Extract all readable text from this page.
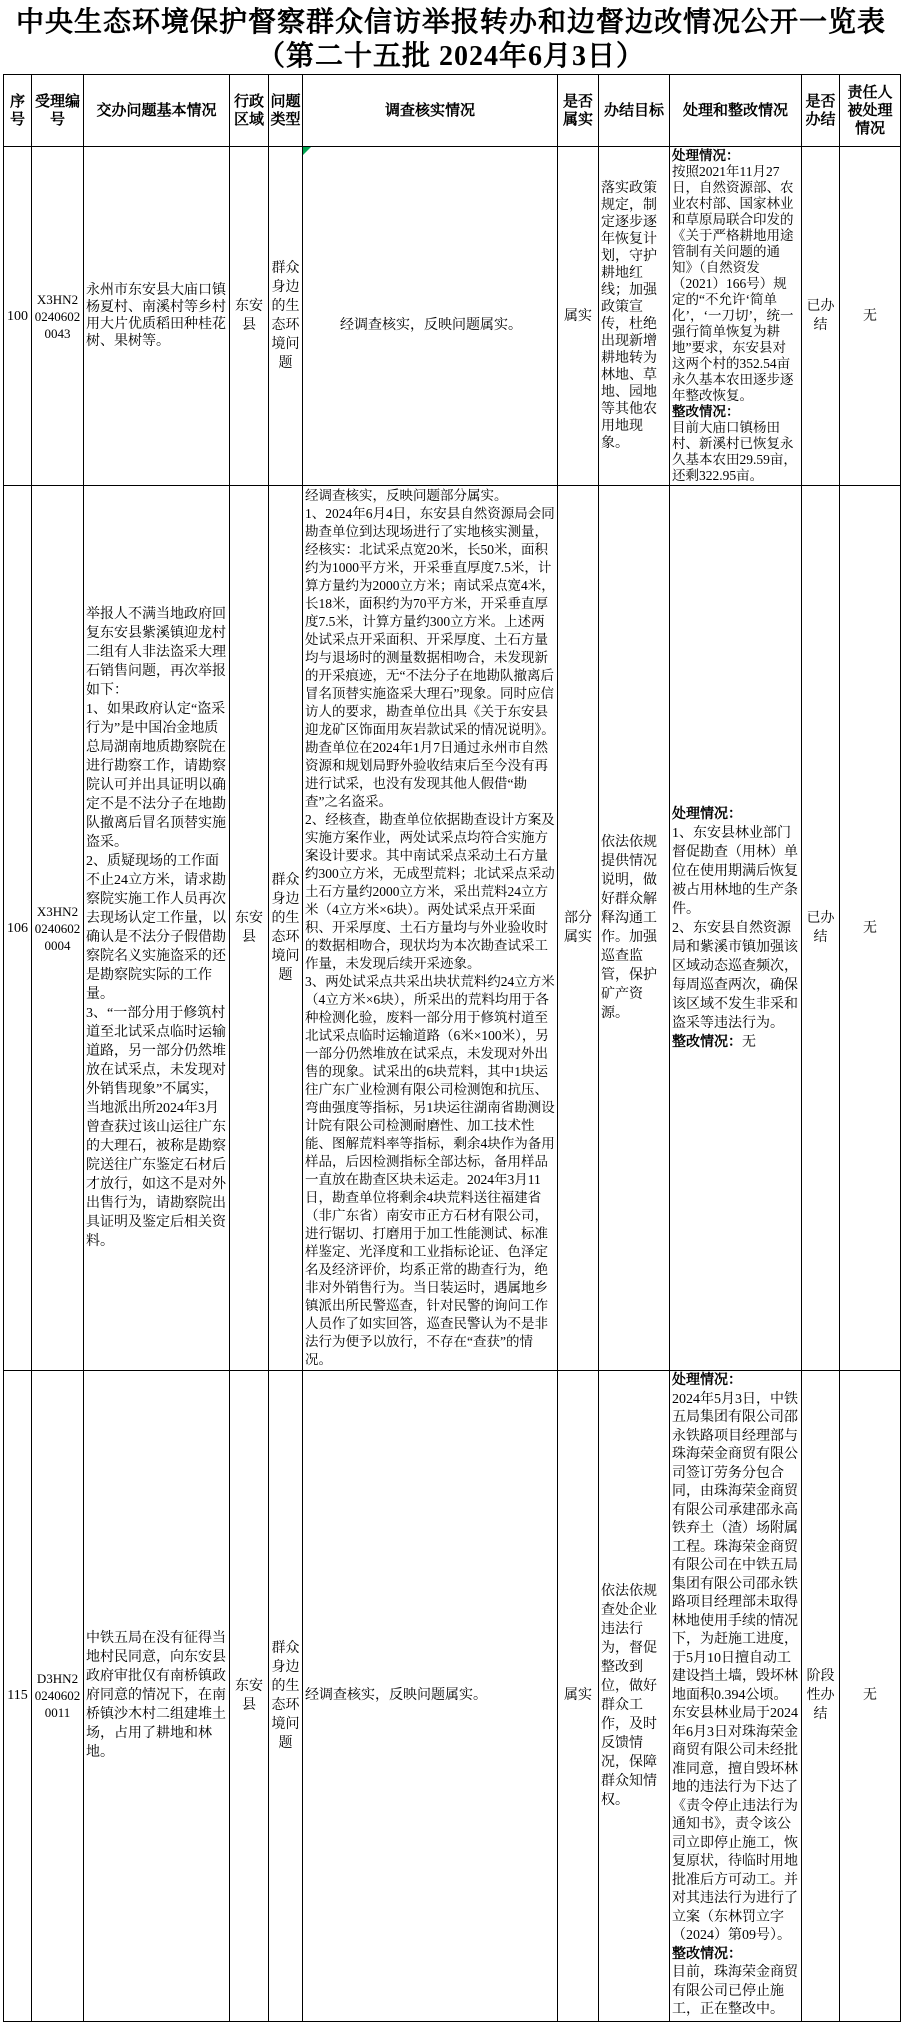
中央生态环境保护督察群众信访举报转办和边督边改情况公开一览表
（第二十五批 2024年6月3日）
序号	受理编号	交办问题基本情况	行政区域	问题类型	调查核实情况	是否属实	办结目标	处理和整改情况	是否办结	责任人被处理情况
100	X3HN202406020043	永州市东安县大庙口镇杨夏村、南溪村等乡村用大片优质稻田种桂花树、果树等。	东安县	群众身边的生态环境问题	经调查核实，反映问题属实。	属实	落实政策规定，制定逐步逐年恢复计划，守护耕地红线；加强政策宣传，杜绝出现新增耕地转为林地、草地、园地等其他农用地现象。	处理情况：
按照2021年11月27日，自然资源部、农业农村部、国家林业和草原局联合印发的《关于严格耕地用途管制有关问题的通知》（自然资发（2021）166号）规定的“不允许‘简单化’，‘一刀切’，统一强行简单恢复为耕地”要求，东安县对这两个村的352.54亩永久基本农田逐步逐年整改恢复。
整改情况：
目前大庙口镇杨田村、新溪村已恢复永久基本农田29.59亩，还剩322.95亩。	已办结	无
106	X3HN202406020004	举报人不满当地政府回复东安县紫溪镇迎龙村二组有人非法盗采大理石销售问题，再次举报如下：
1、如果政府认定“盗采行为”是中国冶金地质总局湖南地质勘察院在进行勘察工作，请勘察院认可并出具证明以确定不是不法分子在地勘队撤离后冒名顶替实施盗采。
2、质疑现场的工作面不止24立方米，请求勘察院实施工作人员再次去现场认定工作量，以确认是不法分子假借勘察院名义实施盗采的还是勘察院实际的工作量。
3、“一部分用于修筑村道至北试采点临时运输道路，另一部分仍然堆放在试采点，未发现对外销售现象”不属实，当地派出所2024年3月曾查获过该山运往广东的大理石，被称是勘察院送往广东鉴定石材后才放行，如这不是对外出售行为，请勘察院出具证明及鉴定后相关资料。	东安县	群众身边的生态环境问题	经调查核实，反映问题部分属实。
1、2024年6月4日，东安县自然资源局会同勘查单位到达现场进行了实地核实测量，经核实：北试采点宽20米，长50米，面积约为1000平方米，开采垂直厚度7.5米，计算方量约为2000立方米；南试采点宽4米，长18米，面积约为70平方米，开采垂直厚度7.5米，计算方量约300立方米。上述两处试采点开采面积、开采厚度、土石方量均与退场时的测量数据相吻合，未发现新的开采痕迹，无“不法分子在地勘队撤离后冒名顶替实施盗采大理石”现象。同时应信访人的要求，勘查单位出具《关于东安县迎龙矿区饰面用灰岩款试采的情况说明》。勘查单位在2024年1月7日通过永州市自然资源和规划局野外验收结束后至今没有再进行试采，也没有发现其他人假借“勘查”之名盗采。
2、经核查，勘查单位依据勘查设计方案及实施方案作业，两处试采点均符合实施方案设计要求。其中南试采点采动土石方量约300立方米，无成型荒料；北试采点采动土石方量约2000立方米，采出荒料24立方米（4立方米×6块）。两处试采点开采面积、开采厚度、土石方量均与外业验收时的数据相吻合，现状均为本次勘查试采工作量，未发现后续开采迹象。
3、两处试采点共采出块状荒料约24立方米（4立方米×6块），所采出的荒料均用于各种检测化验，废料一部分用于修筑村道至北试采点临时运输道路（6米×100米），另一部分仍然堆放在试采点，未发现对外出售的现象。试采出的6块荒料，其中1块运往广东广业检测有限公司检测饱和抗压、弯曲强度等指标，另1块运往湖南省勘测设计院有限公司检测耐磨性、加工技术性能、图解荒料率等指标，剩余4块作为备用样品，后因检测指标全部达标，备用样品一直放在勘查区块未运走。2024年3月11日，勘查单位将剩余4块荒料送往福建省（非广东省）南安市正方石材有限公司，进行锯切、打磨用于加工性能测试、标准样鉴定、光泽度和工业指标论证、色泽定名及经济评价，均系正常的勘查行为，绝非对外销售行为。当日装运时，遇属地乡镇派出所民警巡查，针对民警的询问工作人员作了如实回答，巡查民警认为不是非法行为便予以放行，不存在“查获”的情况。	部分属实	依法依规提供情况说明，做好群众解释沟通工作。加强巡查监管，保护矿产资源。	
处理情况：
1、东安县林业部门督促勘查（用林）单位在使用期满后恢复被占用林地的生产条件。
2、东安县自然资源局和紫溪市镇加强该区域动态巡查频次，每周巡查两次，确保该区域不发生非采和盗采等违法行为。
整改情况：无
	已办结	无
115	D3HN202406020011	中铁五局在没有征得当地村民同意，向东安县政府审批仅有南桥镇政府同意的情况下，在南桥镇沙木村二组建堆土场，占用了耕地和林地。	东安县	群众身边的生态环境问题	经调查核实，反映问题属实。	属实	依法依规查处企业违法行为，督促整改到位，做好群众工作，及时反馈情况，保障群众知情权。	处理情况：
2024年5月3日，中铁五局集团有限公司邵永铁路项目经理部与珠海荣金商贸有限公司签订劳务分包合同，由珠海荣金商贸有限公司承建邵永高铁弃土（渣）场附属工程。珠海荣金商贸有限公司在中铁五局集团有限公司邵永铁路项目经理部未取得林地使用手续的情况下，为赶施工进度，于5月10日擅自动工建设挡土墙，毁坏林地面积0.394公顷。东安县林业局于2024年6月3日对珠海荣金商贸有限公司未经批准同意，擅自毁坏林地的违法行为下达了《责令停止违法行为通知书》，责令该公司立即停止施工，恢复原状，待临时用地批准后方可动工。并对其违法行为进行了立案（东林罚立字（2024）第09号）。
整改情况：
目前，珠海荣金商贸有限公司已停止施工，正在整改中。	阶段性办结	无
